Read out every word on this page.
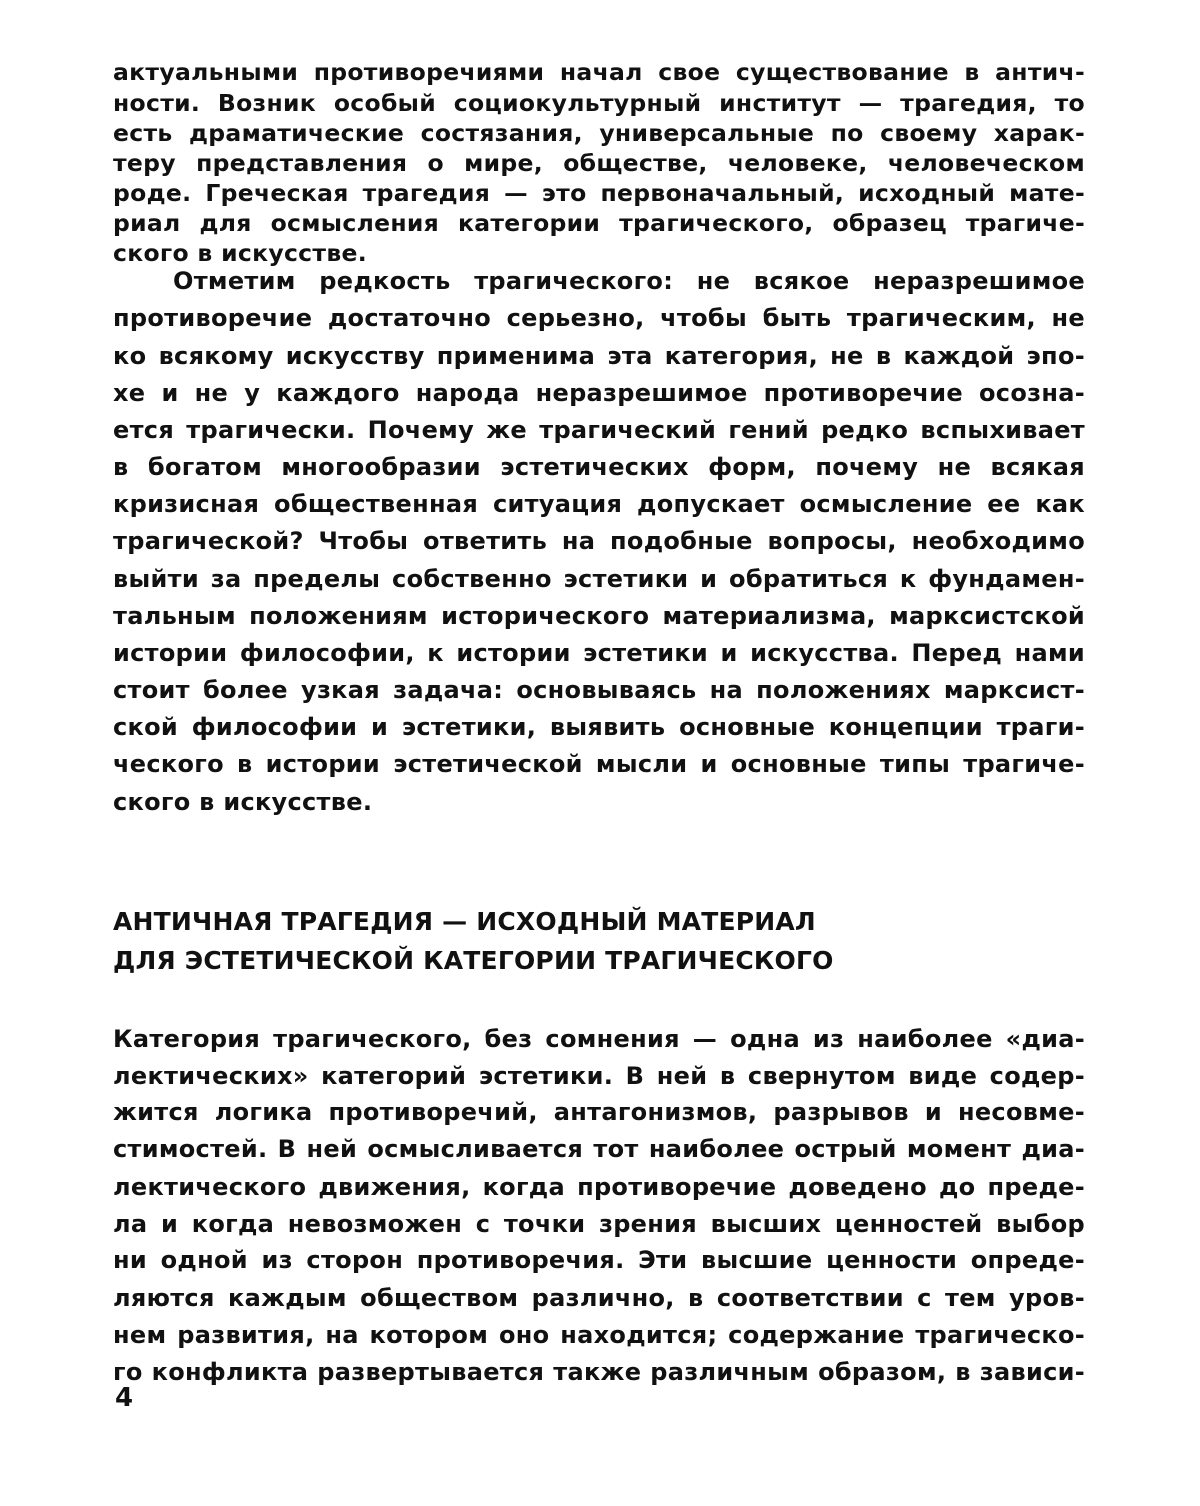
актуальными противоречиями начал свое существование в антич-
ности. Возник особый социокультурный институт — трагедия, то
есть драматические состязания, универсальные по своему харак-
теру представления о мире, обществе, человеке, человеческом
роде. Греческая трагедия — это первоначальный, исходный мате-
риал для осмысления категории трагического, образец трагиче-
ского в искусстве.
Отметим редкость трагического: не всякое неразрешимое
противоречие достаточно серьезно, чтобы быть трагическим, не
ко всякому искусству применима эта категория, не в каждой эпо-
хе и не у каждого народа неразрешимое противоречие осозна-
ется трагически. Почему же трагический гений редко вспыхивает
в богатом многообразии эстетических форм, почему не всякая
кризисная общественная ситуация допускает осмысление ее как
трагической? Чтобы ответить на подобные вопросы, необходимо
выйти за пределы собственно эстетики и обратиться к фундамен-
тальным положениям исторического материализма, марксистской
истории философии, к истории эстетики и искусства. Перед нами
стоит более узкая задача: основываясь на положениях марксист-
ской философии и эстетики, выявить основные концепции траги-
ческого в истории эстетической мысли и основные типы трагиче-
ского в искусстве.
АНТИЧНАЯ ТРАГЕДИЯ — ИСХОДНЫЙ МАТЕРИАЛ
ДЛЯ ЭСТЕТИЧЕСКОЙ КАТЕГОРИИ ТРАГИЧЕСКОГО
Категория трагического, без сомнения — одна из наиболее «диа-
лектических» категорий эстетики. В ней в свернутом виде содер-
жится логика противоречий, антагонизмов, разрывов и несовме-
стимостей. В ней осмысливается тот наиболее острый момент диа-
лектического движения, когда противоречие доведено до преде-
ла и когда невозможен с точки зрения высших ценностей выбор
ни одной из сторон противоречия. Эти высшие ценности опреде-
ляются каждым обществом различно, в соответствии с тем уров-
нем развития, на котором оно находится; содержание трагическо-
го конфликта развертывается также различным образом, в зависи-
4
